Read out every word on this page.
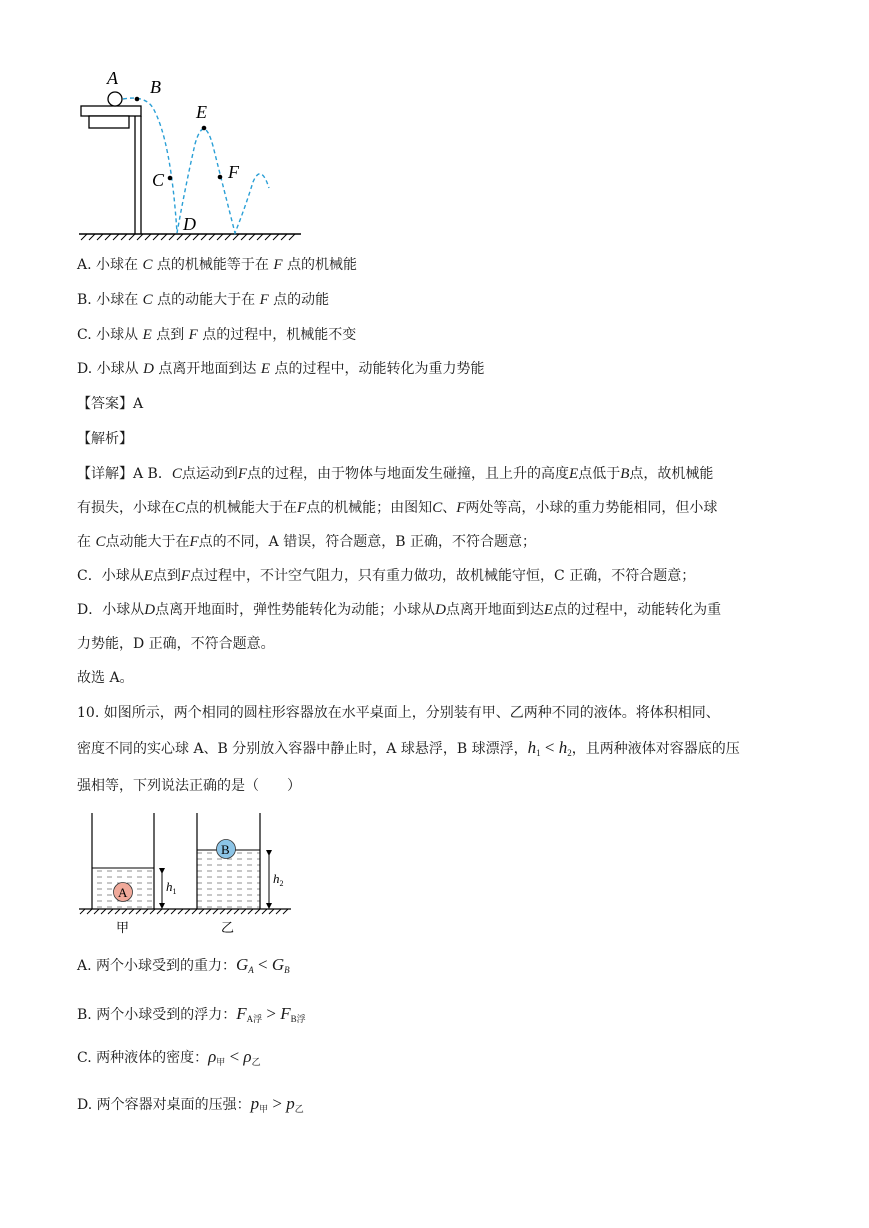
A B
C
D
E
F
A. 小球在 C 点的机械能等于在 F 点的机械能
B. 小球在 C 点的动能大于在 F 点的动能
C. 小球从 E 点到 F 点的过程中，机械能不变
D. 小球从 D 点离开地面到达 E 点的过程中，动能转化为重力势能
【答案】A
【解析】
【详解】A B．C点运动到F点的过程，由于物体与地面发生碰撞，且上升的高度E点低于B点，故机械能
有损失，小球在C点的机械能大于在F点的机械能；由图知C、F两处等高，小球的重力势能相同，但小球
在 C点动能大于在F点的不同，A 错误，符合题意，B 正确，不符合题意；
C．小球从E点到F点过程中，不计空气阻力，只有重力做功，故机械能守恒，C 正确，不符合题意；
D．小球从D点离开地面时，弹性势能转化为动能；小球从D点离开地面到达E点的过程中，动能转化为重
力势能，D 正确，不符合题意。
故选 A。
10. 如图所示，两个相同的圆柱形容器放在水平桌面上，分别装有甲、乙两种不同的液体。将体积相同、
密度不同的实心球 A、B 分别放入容器中静止时，A 球悬浮，B 球漂浮，$h_1 < h_2$，且两种液体对容器底的压
强相等，下列说法正确的是（　　）
A	$h_1$
B
$h_2$
甲	乙
A. 两个小球受到的重力：$G_A < G_B$
B. 两个小球受到的浮力：$F_{A浮} > F_{B浮}$
C. 两种液体的密度：$\rho_甲 < \rho_乙$
D. 两个容器对桌面的压强：$p_甲 > p_乙$
